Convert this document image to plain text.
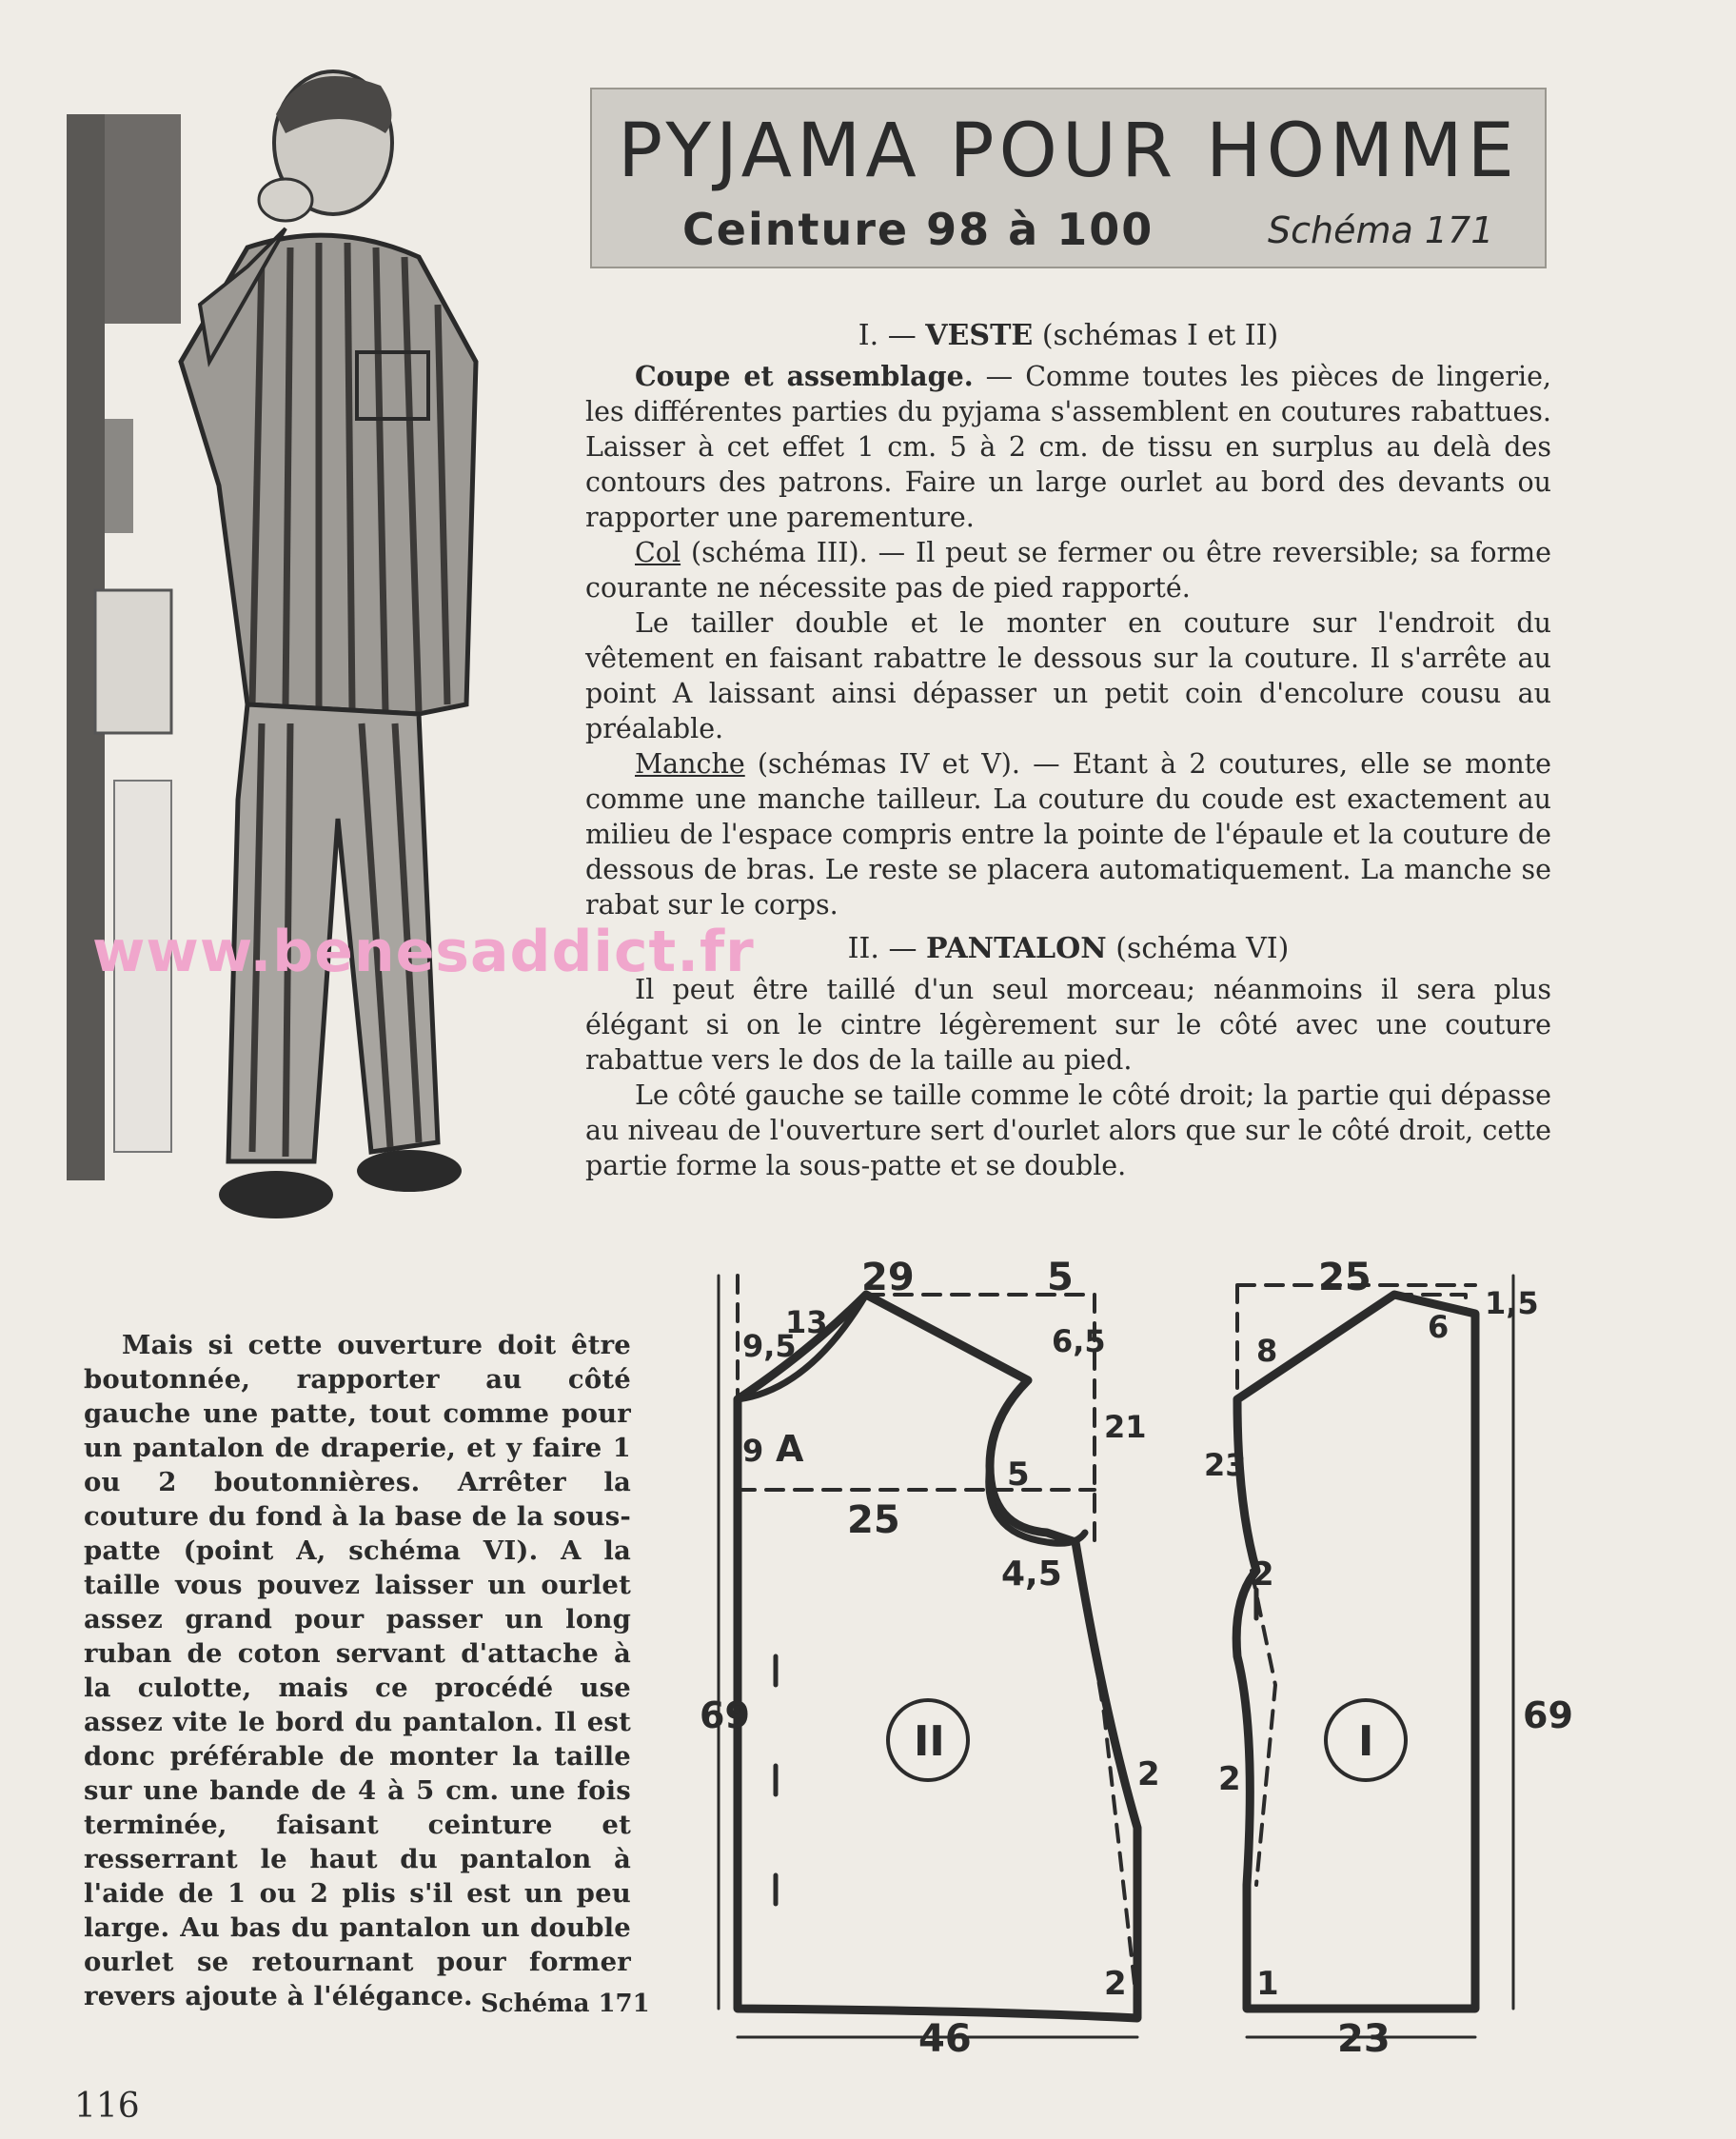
PYJAMA POUR HOMME
Ceinture 98 à 100	Schéma 171
I. — VESTE (schémas I et II)

Coupe et assemblage. — Comme toutes les pièces de lingerie, les différentes parties du pyjama s'assemblent en coutures rabattues. Laisser à cet effet 1 cm. 5 à 2 cm. de tissu en surplus au delà des contours des patrons. Faire un large ourlet au bord des devants ou rapporter une parementure.

Col (schéma III). — Il peut se fermer ou être reversible; sa forme courante ne nécessite pas de pied rapporté.

Le tailler double et le monter en couture sur l'endroit du vêtement en faisant rabattre le dessous sur la couture. Il s'arrête au point A laissant ainsi dépasser un petit coin d'encolure cousu au préalable.

Manche (schémas IV et V). — Etant à 2 coutures, elle se monte comme une manche tailleur. La couture du coude est exactement au milieu de l'espace compris entre la pointe de l'épaule et la couture de dessous de bras. Le reste se placera automatiquement. La manche se rabat sur le corps.

II. — PANTALON (schéma VI)

Il peut être taillé d'un seul morceau; néanmoins il sera plus élégant si on le cintre légèrement sur le côté avec une couture rabattue vers le dos de la taille au pied.

Le côté gauche se taille comme le côté droit; la partie qui dépasse au niveau de l'ouverture sert d'ourlet alors que sur le côté droit, cette partie forme la sous-patte et se double.

www.benesaddict.fr

Mais si cette ouverture doit être boutonnée, rapporter au côté gauche une patte, tout comme pour un pantalon de draperie, et y faire 1 ou 2 boutonnières. Arrêter la couture du fond à la base de la sous-patte (point A, schéma VI). A la taille vous pouvez laisser un ourlet assez grand pour passer un long ruban de coton servant d'attache à la culotte, mais ce procédé use assez vite le bord du pantalon. Il est donc préférable de monter la taille sur une bande de 4 à 5 cm. une fois terminée, faisant ceinture et resserrant le haut du pantalon à l'aide de 1 ou 2 plis s'il est un peu large. Au bas du pantalon un double ourlet se retournant pour former revers ajoute à l'élégance. Schéma 171
116
II	I
29	5
9,5
13
6,5
21
9 A
25
5
4,5
69
2
2
46
25
6
1,5
8
23
2
2
69
1
23
